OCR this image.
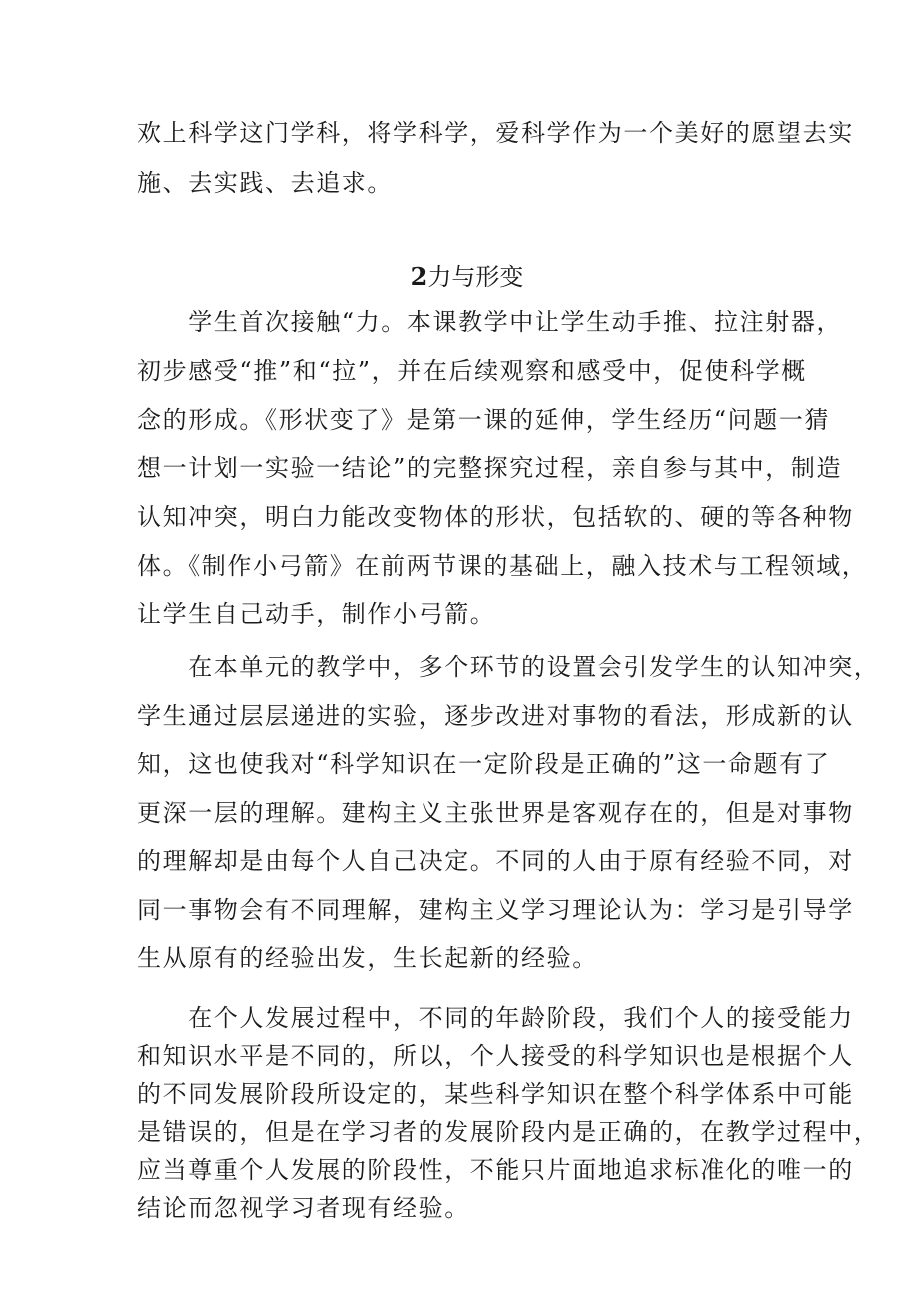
欢上科学这门学科，将学科学，爱科学作为一个美好的愿望去实
施、去实践、去追求。
2力与形变
　　学生首次接触“力。本课教学中让学生动手推、拉注射器，
初步感受“推”和“拉”，并在后续观察和感受中，促使科学概
念的形成。《形状变了》是第一课的延伸，学生经历“问题一猜
想一计划一实验一结论”的完整探究过程，亲自参与其中，制造
认知冲突，明白力能改变物体的形状，包括软的、硬的等各种物
体。《制作小弓箭》在前两节课的基础上，融入技术与工程领域，
让学生自己动手，制作小弓箭。
　　在本单元的教学中，多个环节的设置会引发学生的认知冲突，
学生通过层层递进的实验，逐步改进对事物的看法，形成新的认
知，这也使我对“科学知识在一定阶段是正确的”这一命题有了
更深一层的理解。建构主义主张世界是客观存在的，但是对事物
的理解却是由每个人自己决定。不同的人由于原有经验不同，对
同一事物会有不同理解，建构主义学习理论认为：学习是引导学
生从原有的经验出发，生长起新的经验。
　　在个人发展过程中，不同的年龄阶段，我们个人的接受能力
和知识水平是不同的，所以，个人接受的科学知识也是根据个人
的不同发展阶段所设定的，某些科学知识在整个科学体系中可能
是错误的，但是在学习者的发展阶段内是正确的，在教学过程中，
应当尊重个人发展的阶段性，不能只片面地追求标准化的唯一的
结论而忽视学习者现有经验。
